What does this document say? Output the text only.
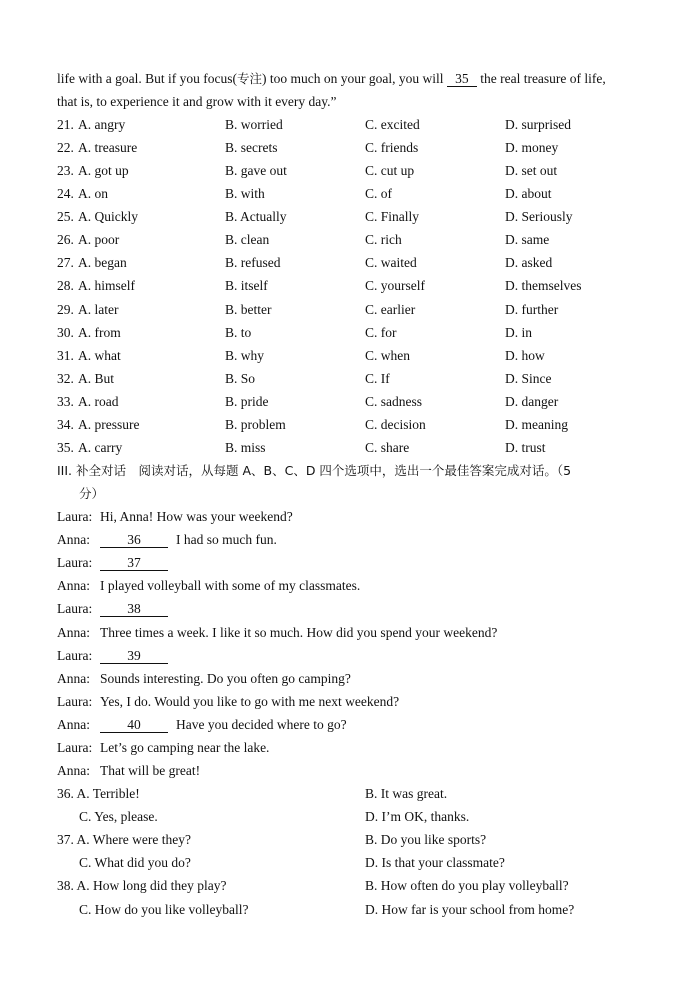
life with a goal. But if you focus(专注) too much on your goal, you will 35 the real treasure of life,
that is, to experience it and grow with it every day.”
21. A. angry	B. worried	C. excited	D. surprised
22. A. treasure	B. secrets	C. friends	D. money
23. A. got up	B. gave out	C. cut up	D. set out
24. A. on	B. with	C. of	D. about
25. A. Quickly	B. Actually	C. Finally	D. Seriously
26. A. poor	B. clean	C. rich	D. same
27. A. began	B. refused	C. waited	D. asked
28. A. himself	B. itself	C. yourself	D. themselves
29. A. later	B. better	C. earlier	D. further
30. A. from	B. to	C. for	D. in
31. A. what	B. why	C. when	D. how
32. A. But	B. So	C. If	D. Since
33. A. road	B. pride	C. sadness	D. danger
34. A. pressure	B. problem	C. decision	D. meaning
35. A. carry	B. miss	C. share	D. trust
III. 补全对话　阅读对话，从每题 A、B、C、D 四个选项中，选出一个最佳答案完成对话。（5
分）
Laura: Hi, Anna! How was your weekend?
Anna:	36	I had so much fun.
Laura:	37
Anna: I played volleyball with some of my classmates.
Laura:	38
Anna: Three times a week. I like it so much. How did you spend your weekend?
Laura:	39
Anna: Sounds interesting. Do you often go camping?
Laura: Yes, I do. Would you like to go with me next weekend?
Anna:	40	Have you decided where to go?
Laura: Let’s go camping near the lake.
Anna: That will be great!
36. A. Terrible!	B. It was great.
C. Yes, please.	D. I’m OK, thanks.
37. A. Where were they?	B. Do you like sports?
C. What did you do?	D. Is that your classmate?
38. A. How long did they play?	B. How often do you play volleyball?
C. How do you like volleyball?	D. How far is your school from home?
